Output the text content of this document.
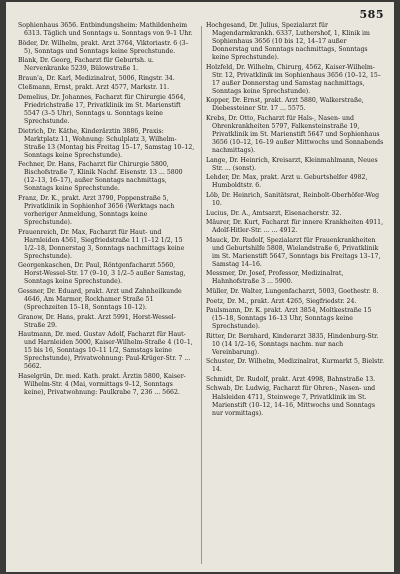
585

Sophienhaus 3656. Entbindungsheim: Mathildenheim 6313. Täglich und Sonntags u. Sonntags von 9–1 Uhr.

Böder, Dr. Wilhelm, prakt. Arzt 3764, Viktoriastr. 6 (3–5), Sonntags und Sonntags keine Sprechstunde.

Blank, Dr. Georg, Facharzt für Geburtsh. u. Nervenkranke 5239, Bülowstraße 1.

Braun'a, Dr. Karl, Medizinalrat, 5006, Ringstr. 34.

Cleßmann, Ernst, prakt. Arzt 4577, Markstr. 11.

Demelius, Dr. Johannes, Facharzt für Chirurgie 4564, Friedrichstraße 17, Privatklinik im St. Marienstift 5547 (3–5 Uhr), Sonntags u. Sonntags keine Sprechstunde.

Dietrich, Dr. Käthe, Kinderärztin 3886, Praxis: Marktplatz 11, Wohnung: Schulplatz 3, Wilhelm-Straße 13 (Montag bis Freitag 15–17, Samstag 10–12, Sonntags keine Sprechstunde).

Fechner, Dr. Hans, Facharzt für Chirurgie 5800, Bischofstraße 7, Klinik Nachf. Eisenstr. 13 ... 5800 (12–13, 16–17), außer Sonntags nachmittags, Sonntags keine Sprechstunde.

Franz, Dr. K., prakt. Arzt 3790, Poppenstraße 5, Privatklinik in Sophienhof 3656 (Werktags nach vorheriger Anmeldung, Sonntags keine Sprechstunde).

Frauenreich, Dr. Max, Facharzt für Haut- und Harnleiden 4561, Siegfriedstraße 11 (1–12 1/2, 15 1/2–18, Donnerstag 3, Sonntags nachmittags keine Sprechstunde).

Georgenkaschen, Dr. Paul, Röntgenfacharzt 5560, Horst-Wessel-Str. 17 (9–10, 3 1/2–5 außer Samstag, Sonntags keine Sprechstunde).

Gessner, Dr. Eduard, prakt. Arzt und Zahnheilkunde 4646, Am Marmor, Rockhamer Straße 51 (Sprechzeiten 15–18, Sonntags 10–12).

Granow, Dr. Hans, prakt. Arzt 5991, Horst-Wessel-Straße 29.

Hautmann, Dr. med. Gustav Adolf, Facharzt für Haut- und Harnleiden 5000, Kaiser-Wilhelm-Straße 4 (10–1, 15 bis 16, Sonntags 10–11 1/2, Samstags keine Sprechstunde), Privatwohnung: Paul-Krüger-Str. 7 ... 5662.

Haselgrün, Dr. med. Kath. prakt. Ärztin 5800, Kaiser-Wilhelm-Str. 4 (Mai, vormittags 9–12, Sonntags keine), Privatwohnung: Paulkrabe 7, 236 ... 5662.

Hochgesand, Dr. Julius, Spezialarzt für Magendarmkrankh. 6337, Luthershof, 1, Klinik im Sophienhaus 3656 (10 bis 12, 14–17 außer Donnerstag und Sonntags nachmittags, Sonntags keine Sprechstunde).

Holzfeld, Dr. Wilhelm, Chirurg, 4562, Kaiser-Wilhelm-Str. 12, Privatklinik im Sophienhaus 3656 (10–12, 15–17 außer Donnerstag und Samstag nachmittags, Sonntags keine Sprechstunde).

Kopper, Dr. Ernst, prakt. Arzt 5880, Walkerstraße, Diebessteiner Str. 17 ... 5575.

Krebs, Dr. Otto, Facharzt für Hals-, Nasen- und Ohrenkrankheiten 5797, Falkensteinstraße 19, Privatklinik im St. Marienstift 5647 und Sophienhaus 3656 (10–12, 16–19 außer Mittwochs und Sonnabends nachmittags).

Lange, Dr. Heinrich, Kreisarzt, Kleinmahlmann, Neues Str. ... (sonst).

Lehder, Dr. Max, prakt. Arzt u. Geburtshelfer 4982, Humboldtstr. 6.

Löb, Dr. Heinrich, Sanitätsrat, Reinbolt-Oberhöfer-Weg 10.

Lucius, Dr. A., Amtsarzt, Eisenacherstr. 32.

Mäurer, Dr. Kurt, Facharzt für innere Krankheiten 4911, Adolf-Hitler-Str. ... ... 4912.

Mauck, Dr. Rudolf, Spezialarzt für Frauenkrankheiten und Geburtshilfe 5808, Wielandstraße 6, Privatklinik im St. Marienstift 5647, Sonntags bis Freitags 13–17, Samstag 14–16.

Messmer, Dr. Josef, Professor, Medizinalrat, Hahnhofstraße 3 ... 5900.

Müller, Dr. Walter, Lungenfacharzt, 5003, Goethestr. 8.

Poetz, Dr. M., prakt. Arzt 4265, Siegfriedstr. 24.

Paulsmann, Dr. K. prakt. Arzt 3854, Moltkestraße 15 (15–18, Sonntags 16–13 Uhr, Sonntags keine Sprechstunde).

Ritter, Dr. Bernhard, Kinderarzt 3835, Hindenburg-Str. 10 (14 1/2–16, Sonntags nachm. nur nach Vereinbarung).

Schuster, Dr. Wilhelm, Medizinalrat, Kurmarkt 5, Bielstr. 14.

Schmidt, Dr. Rudolf, prakt. Arzt 4998, Bahnstraße 13.

Schwab, Dr. Ludwig, Facharzt für Ohren-, Nasen- und Halsleiden 4711, Steinwege 7, Privatklinik im St. Marienstift (10–12, 14–16, Mittwochs und Sonntags nur vormittags).
